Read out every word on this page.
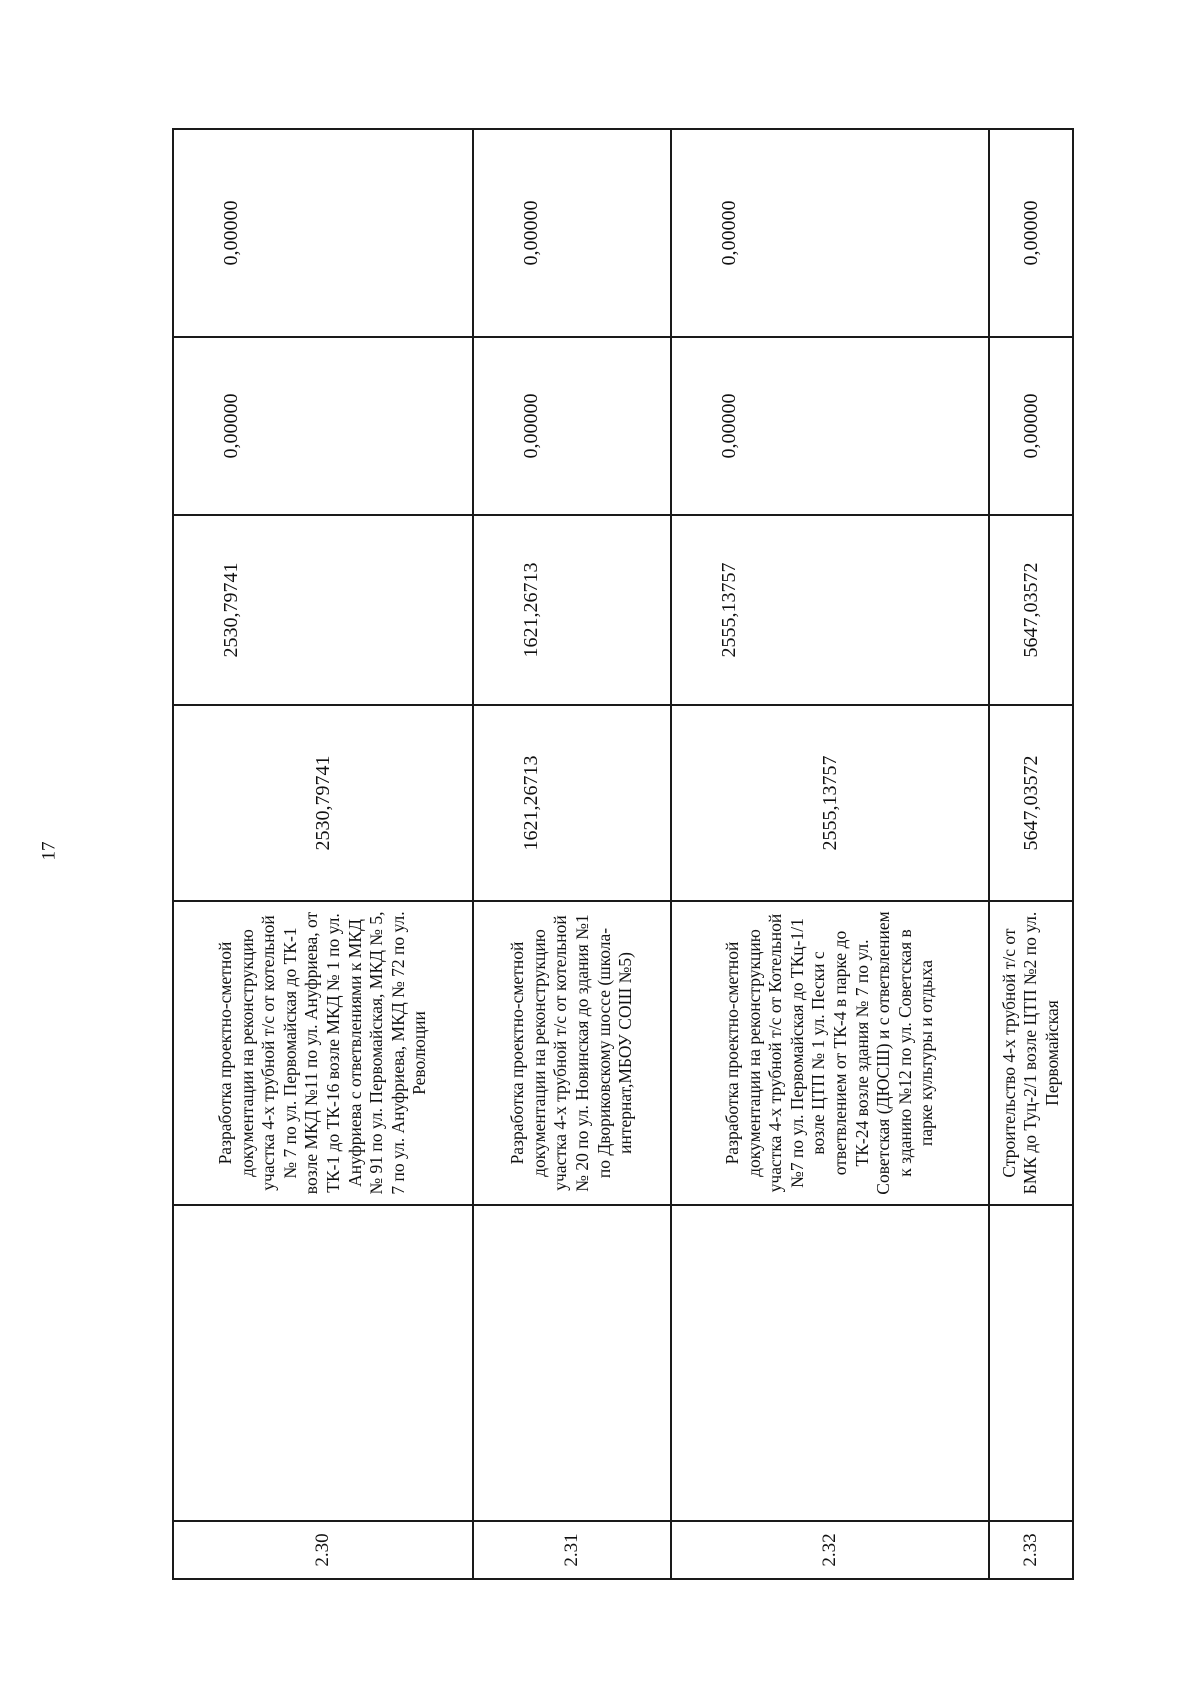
17
2.30		Разработка проектно-сметной документации на реконструкцию участка 4-х трубной т/с от котельной № 7 по ул. Первомайская до ТК-1 возле МКД №11 по ул. Ануфриева, от ТК-1 до ТК-16 возле МКД № 1 по ул. Ануфриева с ответвлениями к МКД № 91 по ул. Первомайская, МКД № 5, 7 по ул. Ануфриева, МКД № 72 по ул. Революции	2530,79741	2530,79741	0,00000	0,00000
2.31		Разработка проектно-сметной документации на реконструкцию участка 4-х трубной т/с от котельной № 20 по ул. Новинская до здания №1 по Двориковскому шоссе (школа-интернат,МБОУ СОШ №5)	1621,26713	1621,26713	0,00000	0,00000
2.32		Разработка проектно-сметной документации на реконструкцию участка 4-х трубной т/с от Котельной №7 по ул. Первомайская до ТКц-1/1 возле ЦТП № 1 ул. Пески с ответвлением от ТК-4 в парке до ТК-24 возле здания № 7 по ул. Советская (ДЮСШ) и с ответвлением к зданию №12 по ул. Советская в парке культуры и отдыха	2555,13757	2555,13757	0,00000	0,00000
2.33		Строительство 4-х трубной т/с от БМК до Туц-2/1 возле ЦТП №2 по ул. Первомайская	5647,03572	5647,03572	0,00000	0,00000
